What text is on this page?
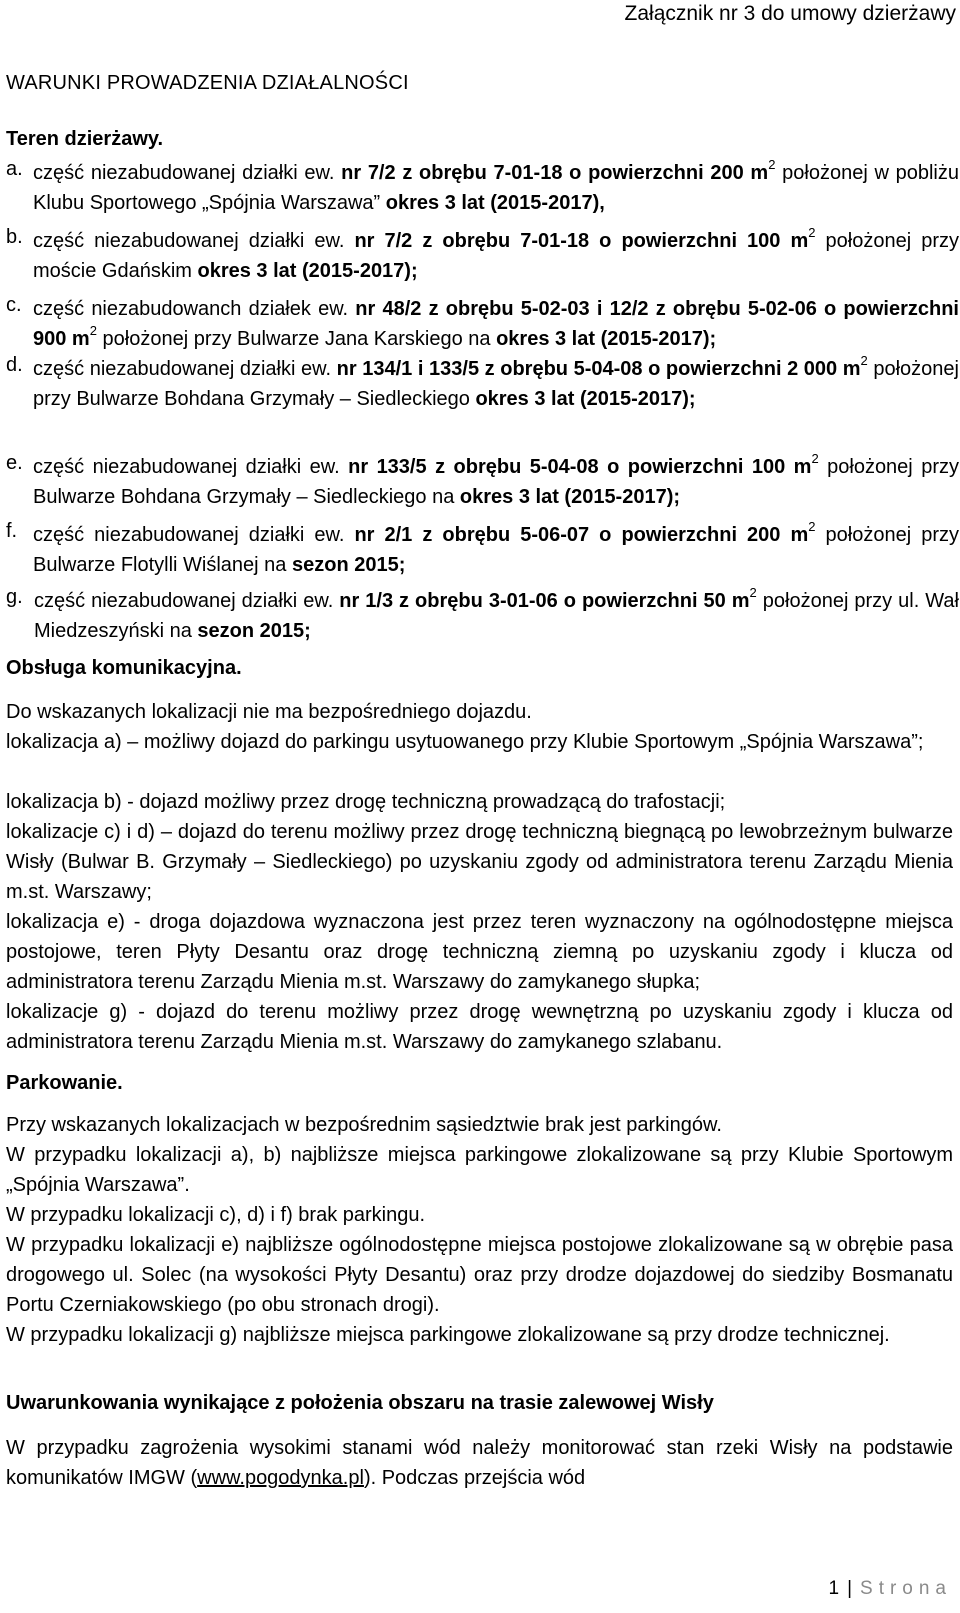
Załącznik nr 3 do umowy dzierżawy
WARUNKI PROWADZENIA DZIAŁALNOŚCI
Teren dzierżawy.
a. część niezabudowanej działki ew. nr 7/2 z obrębu 7-01-18 o powierzchni 200 $m^2$ położonej w pobliżu Klubu Sportowego „Spójnia Warszawa” okres 3 lat (2015-2017),
b. część niezabudowanej działki ew. nr 7/2 z obrębu 7-01-18 o powierzchni 100 $m^2$ położonej przy moście Gdańskim okres 3 lat (2015-2017);
c. część niezabudowanch działek ew. nr 48/2 z obrębu 5-02-03 i 12/2 z obrębu 5-02-06 o powierzchni 900 $m^2$ położonej przy Bulwarze Jana Karskiego na okres 3 lat (2015-2017);
d. część niezabudowanej działki ew. nr 134/1 i 133/5 z obrębu 5-04-08 o powierzchni 2 000 $m^2$ położonej przy Bulwarze Bohdana Grzymały – Siedleckiego okres 3 lat (2015-2017);
e. część niezabudowanej działki ew. nr 133/5 z obrębu 5-04-08 o powierzchni 100 $m^2$ położonej przy Bulwarze Bohdana Grzymały – Siedleckiego na okres 3 lat (2015-2017);
f. część niezabudowanej działki ew. nr 2/1 z obrębu 5-06-07 o powierzchni 200 $m^2$ położonej przy Bulwarze Flotylli Wiślanej na sezon 2015;
g. część niezabudowanej działki ew. nr 1/3 z obrębu 3-01-06 o powierzchni 50 $m^2$ położonej przy ul. Wał Miedzeszyński na sezon 2015;
Obsługa komunikacyjna.
Do wskazanych lokalizacji nie ma bezpośredniego dojazdu.
lokalizacja a) – możliwy dojazd do parkingu usytuowanego przy Klubie Sportowym „Spójnia Warszawa”;
lokalizacja b) - dojazd możliwy przez drogę techniczną prowadzącą do trafostacji;
lokalizacje c) i d) – dojazd do terenu możliwy przez drogę techniczną biegnącą po lewobrzeżnym bulwarze Wisły (Bulwar B. Grzymały – Siedleckiego) po uzyskaniu zgody od administratora terenu Zarządu Mienia m.st. Warszawy;
lokalizacja e) - droga dojazdowa wyznaczona jest przez teren wyznaczony na ogólnodostępne miejsca postojowe, teren Płyty Desantu oraz drogę techniczną ziemną po uzyskaniu zgody i klucza od administratora terenu Zarządu Mienia m.st. Warszawy do zamykanego słupka;
lokalizacje g) - dojazd do terenu możliwy przez drogę wewnętrzną po uzyskaniu zgody i klucza od administratora terenu Zarządu Mienia m.st. Warszawy do zamykanego szlabanu.
Parkowanie.
Przy wskazanych lokalizacjach w bezpośrednim sąsiedztwie brak jest parkingów.
W przypadku lokalizacji a), b) najbliższe miejsca parkingowe zlokalizowane są przy Klubie Sportowym „Spójnia Warszawa”.
W przypadku lokalizacji c), d) i f) brak parkingu.
W przypadku lokalizacji e) najbliższe ogólnodostępne miejsca postojowe zlokalizowane są w obrębie pasa drogowego ul. Solec (na wysokości Płyty Desantu) oraz przy drodze dojazdowej do siedziby Bosmanatu Portu Czerniakowskiego (po obu stronach drogi).
W przypadku lokalizacji g) najbliższe miejsca parkingowe zlokalizowane są przy drodze technicznej.
Uwarunkowania wynikające z położenia obszaru na trasie zalewowej Wisły
W przypadku zagrożenia wysokimi stanami wód należy monitorować stan rzeki Wisły na podstawie komunikatów IMGW (www.pogodynka.pl). Podczas przejścia wód
1 | Strona
